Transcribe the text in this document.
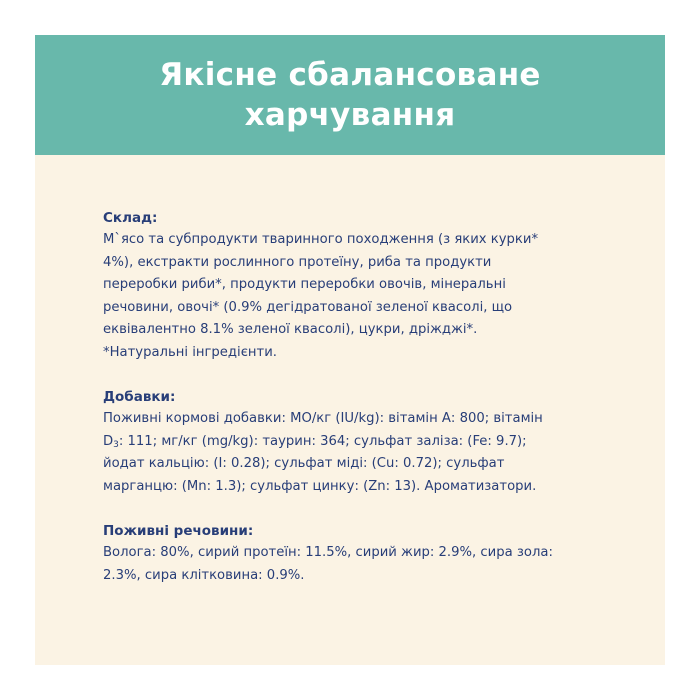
Якісне сбалансоване
харчування
Склад:
М`ясо та субпродукти тваринного походження (з яких курки*
4%), екстракти рослинного протеїну, риба та продукти
переробки риби*, продукти переробки овочів, мінеральні
речовини, овочі* (0.9% дегідратованої зеленої квасолі, що
еквівалентно 8.1% зеленої квасолі), цукри, дріжджі*.
*Натуральні інгредієнти.
Добавки:
Поживні кормові добавки: МО/кг (IU/kg): вітамін А: 800; вітамін
$D_3$: 111; мг/кг (mg/kg): таурин: 364; сульфат заліза: (Fe: 9.7);
йодат кальцію: (I: 0.28); сульфат міді: (Cu: 0.72); сульфат
марганцю: (Mn: 1.3); сульфат цинку: (Zn: 13). Ароматизатори.
Поживні речовини:
Волога: 80%, сирий протеїн: 11.5%, сирий жир: 2.9%, сира зола:
2.3%, сира клітковина: 0.9%.
